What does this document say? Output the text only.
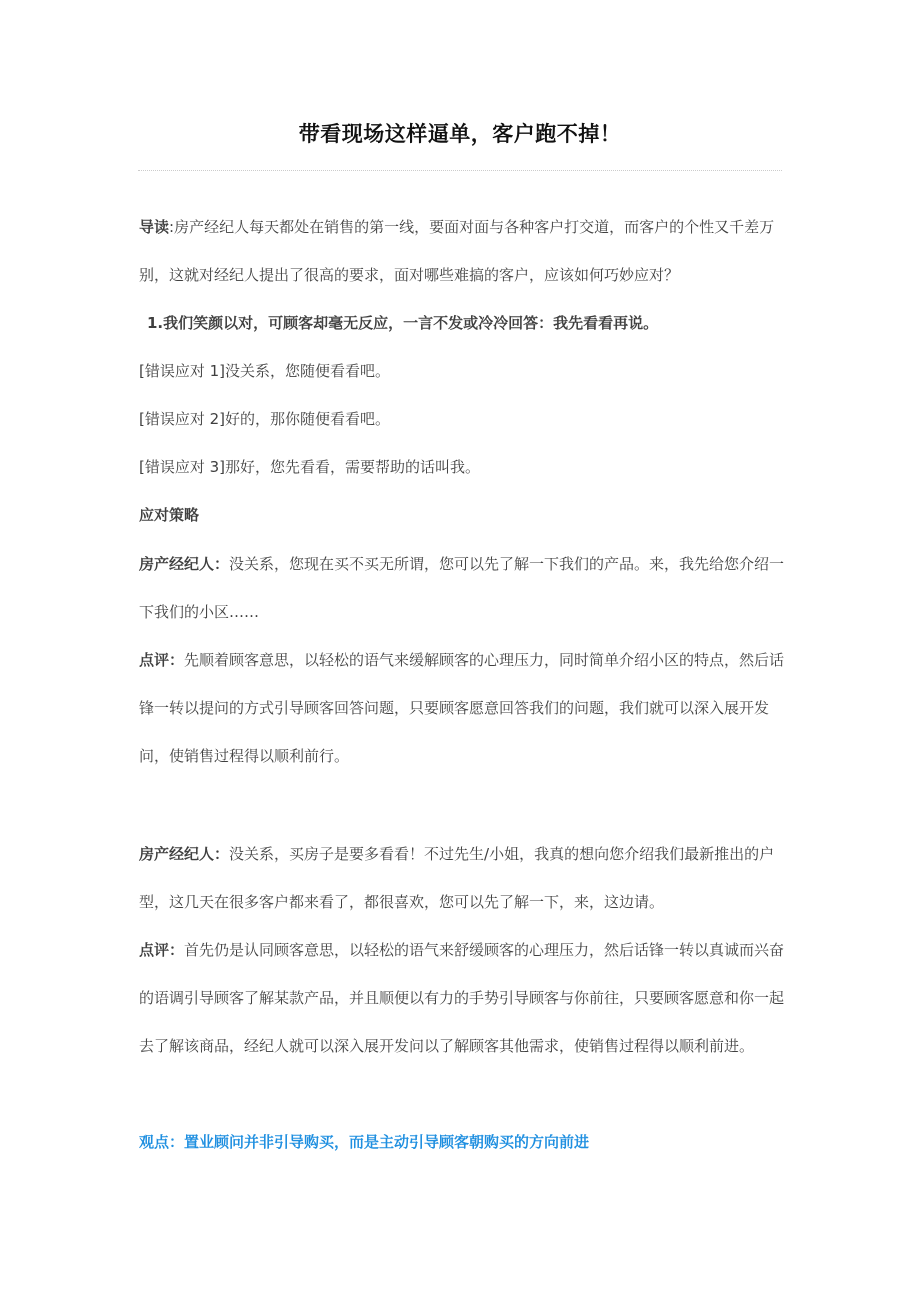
带看现场这样逼单，客户跑不掉！
导读:房产经纪人每天都处在销售的第一线，要面对面与各种客户打交道，而客户的个性又千差万别，这就对经纪人提出了很高的要求，面对哪些难搞的客户，应该如何巧妙应对？
1.我们笑颜以对，可顾客却毫无反应，一言不发或冷冷回答：我先看看再说。
[错误应对 1]没关系，您随便看看吧。
[错误应对 2]好的，那你随便看看吧。
[错误应对 3]那好，您先看看，需要帮助的话叫我。
应对策略
房产经纪人：没关系，您现在买不买无所谓，您可以先了解一下我们的产品。来，我先给您介绍一下我们的小区……
点评：先顺着顾客意思，以轻松的语气来缓解顾客的心理压力，同时简单介绍小区的特点，然后话锋一转以提问的方式引导顾客回答问题，只要顾客愿意回答我们的问题，我们就可以深入展开发问，使销售过程得以顺利前行。
房产经纪人：没关系，买房子是要多看看！不过先生/小姐，我真的想向您介绍我们最新推出的户型，这几天在很多客户都来看了，都很喜欢，您可以先了解一下，来，这边请。
点评：首先仍是认同顾客意思，以轻松的语气来舒缓顾客的心理压力，然后话锋一转以真诚而兴奋的语调引导顾客了解某款产品，并且顺便以有力的手势引导顾客与你前往，只要顾客愿意和你一起去了解该商品，经纪人就可以深入展开发问以了解顾客其他需求，使销售过程得以顺利前进。
观点：置业顾问并非引导购买，而是主动引导顾客朝购买的方向前进
